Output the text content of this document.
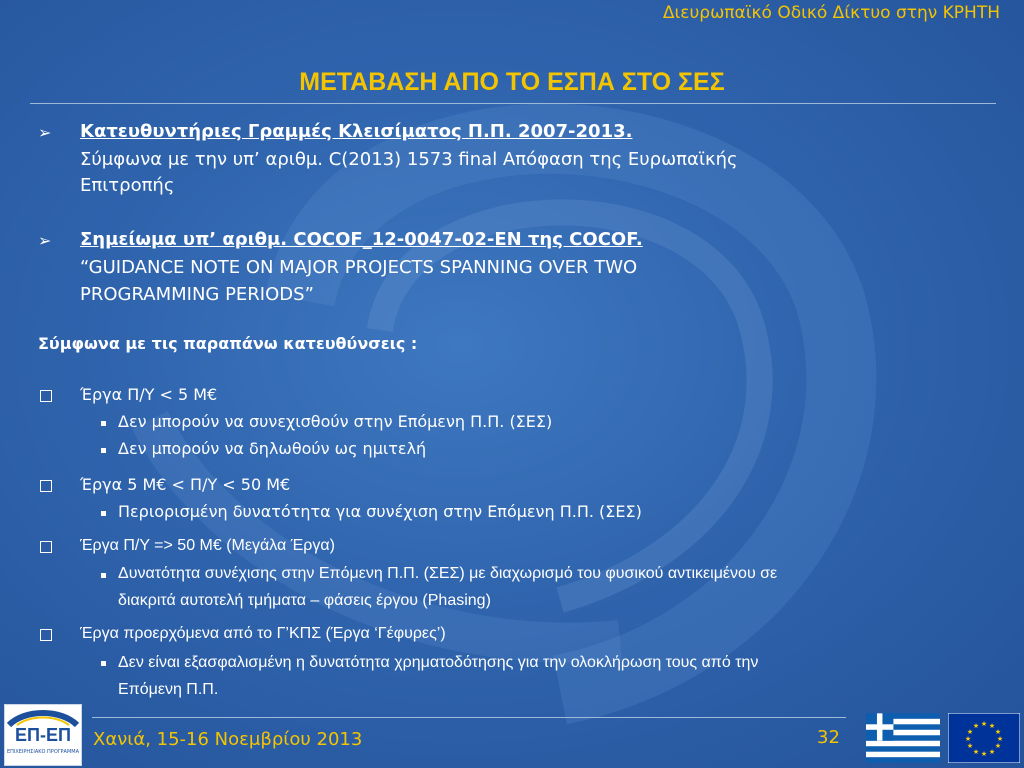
Διευρωπαϊκό Οδικό Δίκτυο στην ΚΡΗΤΗ
ΜΕΤΑΒΑΣΗ ΑΠΟ ΤΟ ΕΣΠΑ ΣΤΟ ΣΕΣ
➢ Κατευθυντήριες Γραμμές Κλεισίματος Π.Π. 2007-2013.
Σύμφωνα με την υπ’ αριθμ. C(2013) 1573 final Απόφαση της Ευρωπαϊκής
Επιτροπής
➢ Σημείωμα υπ’ αριθμ. COCOF_12-0047-02-EN της COCOF.
“GUIDANCE NOTE ON MAJOR PROJECTS SPANNING OVER TWO
PROGRAMMING PERIODS”
Σύμφωνα με τις παραπάνω κατευθύνσεις :
Έργα Π/Υ < 5 Μ€
Δεν μπορούν να συνεχισθούν στην Επόμενη Π.Π. (ΣΕΣ)
Δεν μπορούν να δηλωθούν ως ημιτελή
Έργα 5 Μ€ < Π/Υ < 50 Μ€
Περιορισμένη δυνατότητα για συνέχιση στην Επόμενη Π.Π. (ΣΕΣ)
Έργα Π/Υ => 50 Μ€ (Μεγάλα Έργα)
Δυνατότητα συνέχισης στην Επόμενη Π.Π. (ΣΕΣ) με διαχωρισμό του φυσικού αντικειμένου σε
διακριτά αυτοτελή τμήματα – φάσεις έργου (Phasing)
Έργα προερχόμενα από το Γ’ΚΠΣ (Έργα ‘Γέφυρες’)
Δεν είναι εξασφαλισμένη η δυνατότητα χρηματοδότησης για την ολοκλήρωση τους από την
Επόμενη Π.Π.
ΕΠ-ΕΠ
ΕΠΙΧΕΙΡΗΣΙΑΚΟ ΠΡΟΓΡΑΜΜΑ
Χανιά, 15-16 Νοεμβρίου 2013	32
★ ★
★
★
★
★
★
★
★
★
★
★
